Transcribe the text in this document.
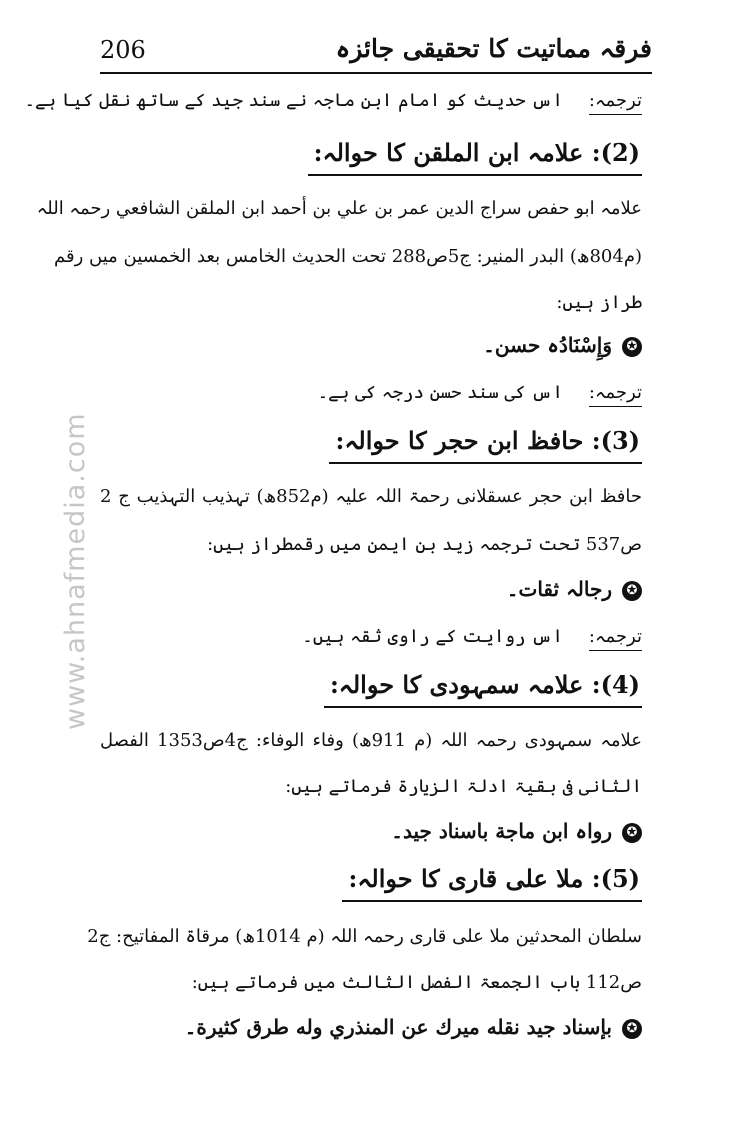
206	فرقہ مماتیت کا تحقیقی جائزہ
www.ahnafmedia.com
ترجمہ:اس حدیث کو امام ابن ماجہ نے سند جید کے ساتھ نقل کیا ہے۔
(2): علامہ ابن الملقن کا حوالہ:
علامہ ابو حفص سراج الدین عمر بن علي بن أحمد ابن الملقن الشافعي رحمہ اللہ
(م804ھ) البدر المنیر: ج5ص288 تحت الحدیث الخامس بعد الخمسین میں رقم
طراز ہیں:
✪وَإِسْنَادُہ حسن۔
ترجمہ:اس کی سند حسن درجہ کی ہے۔
(3): حافظ ابن حجر کا حوالہ:
حافظ ابن حجر عسقلانی رحمۃ اللہ علیہ (م852ھ) تہذیب التہذیب ج 2
ص537 تحت ترجمہ زید بن ایمن میں رقمطراز ہیں:
✪رجالہ ثقات۔
ترجمہ:اس روایت کے راوی ثقہ ہیں۔
(4): علامہ سمہودی کا حوالہ:
علامہ سمہودی رحمہ اللہ (م 911ھ) وفاء الوفاء: ج4ص1353 الفصل
الثانی فی بقیۃ ادلۃ الزیارۃ فرماتے ہیں:
✪رواہ ابن ماجة باسناد جيد۔
(5): ملا علی قاری کا حوالہ:
سلطان المحدثین ملا علی قاری رحمہ اللہ (م 1014ھ) مرقاۃ المفاتیح: ج2
ص112 باب الجمعۃ الفصل الثالث میں فرماتے ہیں:
✪بإسناد جيد نقله ميرك عن المنذري وله طرق كثيرة۔
